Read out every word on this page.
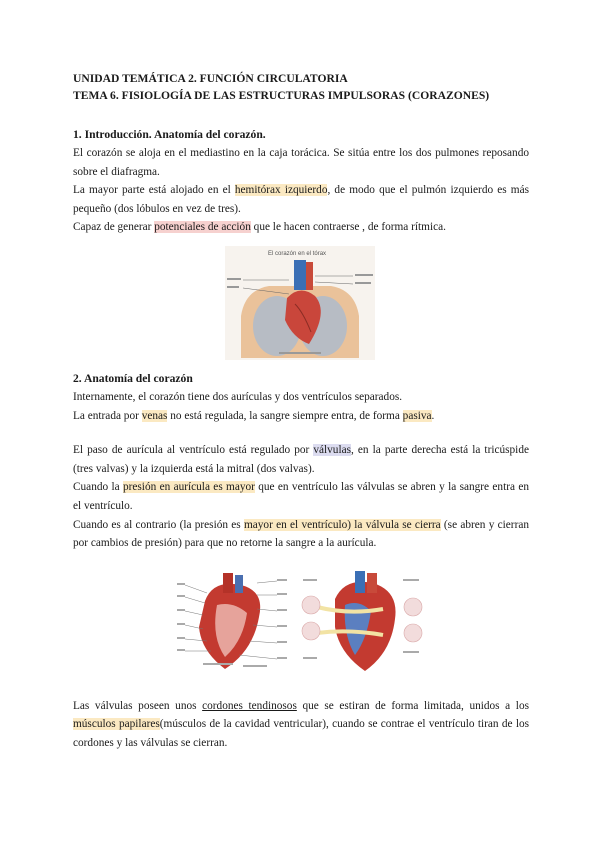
UNIDAD TEMÁTICA 2. FUNCIÓN CIRCULATORIA
TEMA 6. FISIOLOGÍA DE LAS ESTRUCTURAS IMPULSORAS (CORAZONES)
1. Introducción. Anatomía del corazón.

El corazón se aloja en el mediastino en la caja torácica. Se sitúa entre los dos pulmones reposando sobre el diafragma.

La mayor parte está alojado en el hemitórax izquierdo, de modo que el pulmón izquierdo es más pequeño (dos lóbulos en vez de tres).

Capaz de generar potenciales de acción que le hacen contraerse , de forma rítmica.

El corazón en el tórax
2. Anatomía del corazón

Internamente, el corazón tiene dos aurículas y dos ventrículos separados.

La entrada por venas no está regulada, la sangre siempre entra, de forma pasiva.

El paso de aurícula al ventrículo está regulado por válvulas, en la parte derecha está la tricúspide (tres valvas) y la izquierda está la mitral (dos valvas).

Cuando la presión en aurícula es mayor que en ventrículo las válvulas se abren y la sangre entra en el ventrículo.

Cuando es al contrario (la presión es mayor en el ventrículo) la válvula se cierra (se abren y cierran por cambios de presión) para que no retorne la sangre a la aurícula.

Las válvulas poseen unos cordones tendinosos que se estiran de forma limitada, unidos a los músculos papilares(músculos de la cavidad ventricular), cuando se contrae el ventrículo tiran de los cordones y las válvulas se cierran.
